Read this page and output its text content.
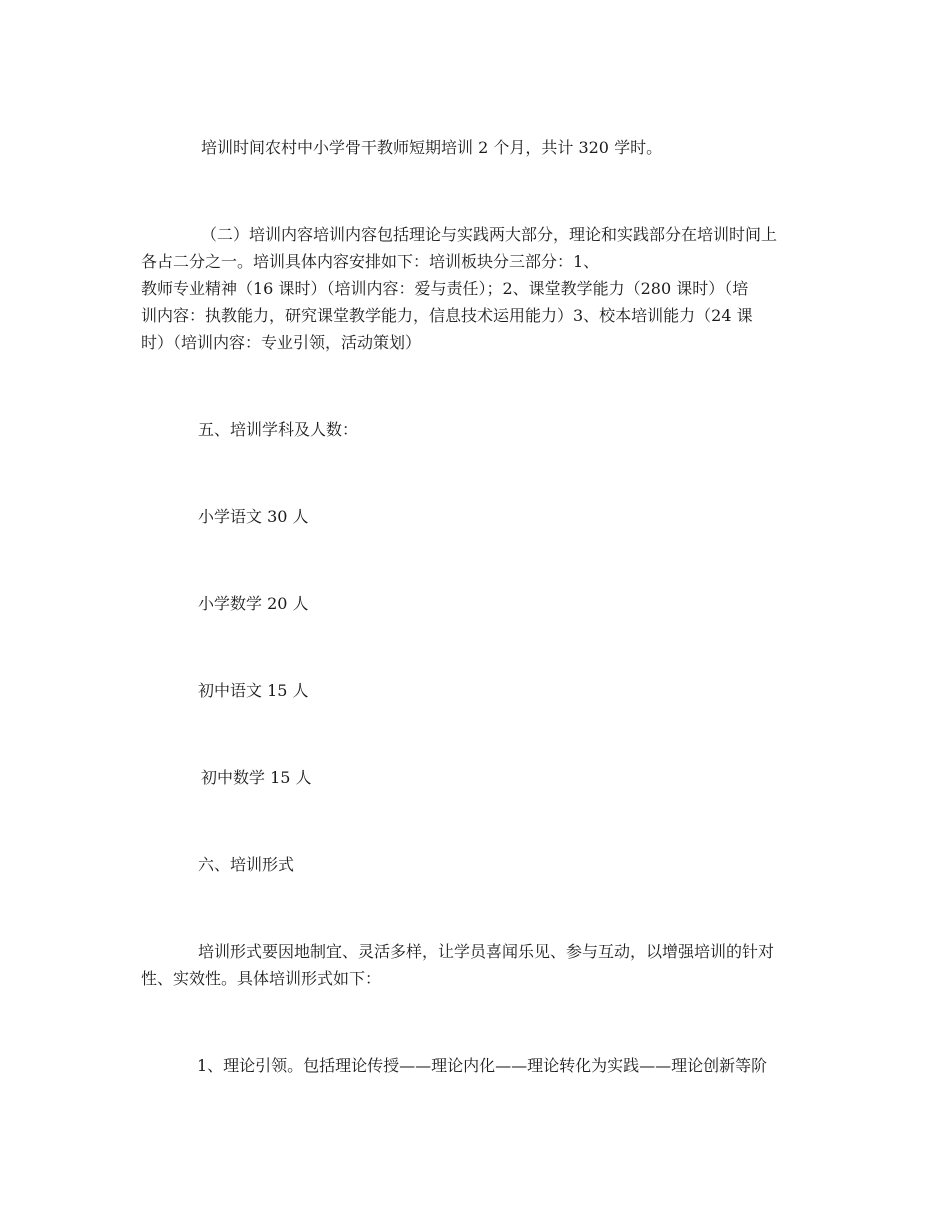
培训时间农村中小学骨干教师短期培训 2 个月，共计 320 学时。
（二）培训内容培训内容包括理论与实践两大部分，理论和实践部分在培训时间上
各占二分之一。培训具体内容安排如下：培训板块分三部分：1、
教师专业精神（16 课时）（培训内容：爱与责任）；2、课堂教学能力（280 课时）（培
训内容：执教能力，研究课堂教学能力，信息技术运用能力）3、校本培训能力（24 课
时）（培训内容：专业引领，活动策划）
五、培训学科及人数：
小学语文 30 人
小学数学 20 人
初中语文 15 人
初中数学 15 人
六、培训形式
培训形式要因地制宜、灵活多样，让学员喜闻乐见、参与互动，以增强培训的针对
性、实效性。具体培训形式如下：
1、理论引领。包括理论传授——理论内化——理论转化为实践——理论创新等阶
